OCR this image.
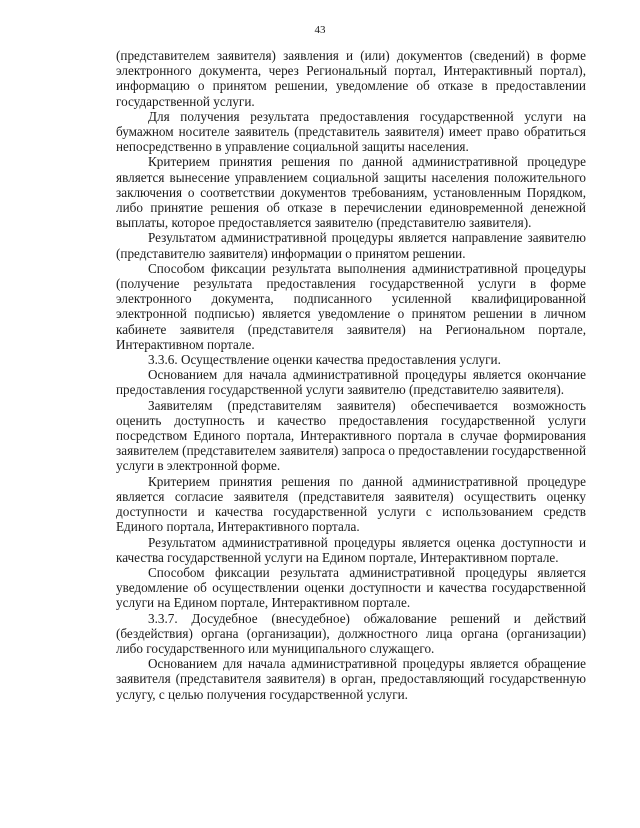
43

(представителем заявителя) заявления и (или) документов (сведений) в форме электронного документа, через Региональный портал, Интерактивный портал), информацию о принятом решении, уведомление об отказе в предоставлении государственной услуги.

Для получения результата предоставления государственной услуги на бумажном носителе заявитель (представитель заявителя) имеет право обратиться непосредственно в управление социальной защиты населения.

Критерием принятия решения по данной административной процедуре является вынесение управлением социальной защиты населения положительного заключения о соответствии документов требованиям, установленным Порядком, либо принятие решения об отказе в перечислении единовременной денежной выплаты, которое предоставляется заявителю (представителю заявителя).

Результатом административной процедуры является направление заявителю (представителю заявителя) информации о принятом решении.

Способом фиксации результата выполнения административной процедуры (получение результата предоставления государственной услуги в форме электронного документа, подписанного усиленной квалифицированной электронной подписью) является уведомление о принятом решении в личном кабинете заявителя (представителя заявителя) на Региональном портале, Интерактивном портале.

3.3.6. Осуществление оценки качества предоставления услуги.

Основанием для начала административной процедуры является окончание предоставления государственной услуги заявителю (представителю заявителя).

Заявителям (представителям заявителя) обеспечивается возможность оценить доступность и качество предоставления государственной услуги посредством Единого портала, Интерактивного портала в случае формирования заявителем (представителем заявителя) запроса о предоставлении государственной услуги в электронной форме.

Критерием принятия решения по данной административной процедуре является согласие заявителя (представителя заявителя) осуществить оценку доступности и качества государственной услуги с использованием средств Единого портала, Интерактивного портала.

Результатом административной процедуры является оценка доступности и качества государственной услуги на Едином портале, Интерактивном портале.

Способом фиксации результата административной процедуры является уведомление об осуществлении оценки доступности и качества государственной услуги на Едином портале, Интерактивном портале.

3.3.7. Досудебное (внесудебное) обжалование решений и действий (бездействия) органа (организации), должностного лица органа (организации) либо государственного или муниципального служащего.

Основанием для начала административной процедуры является обращение заявителя (представителя заявителя) в орган, предоставляющий государственную услугу, с целью получения государственной услуги.
